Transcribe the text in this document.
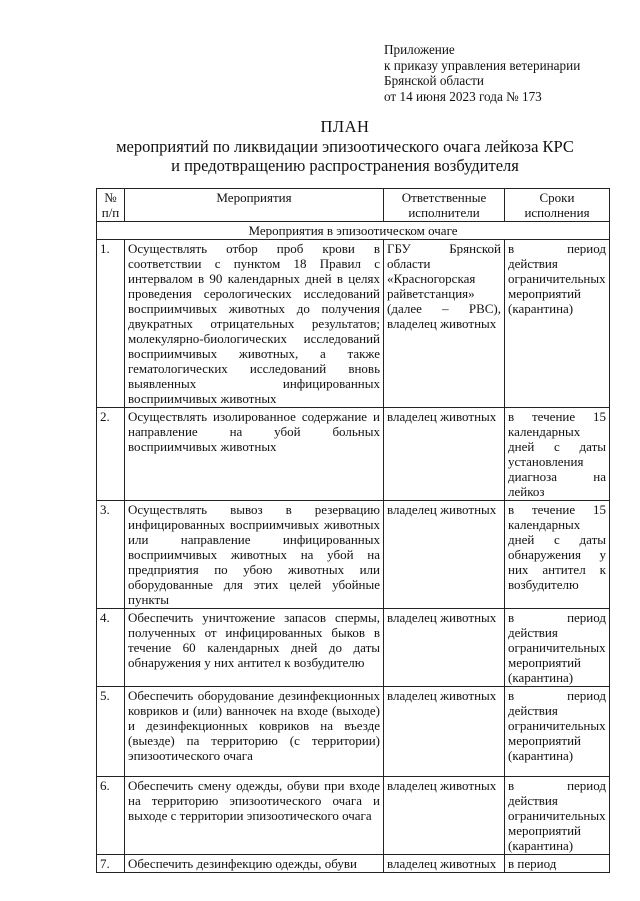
Приложение
к приказу управления ветеринарии
Брянской области
от 14 июня 2023 года № 173
ПЛАН
мероприятий по ликвидации эпизоотического очага лейкоза КРС
и предотвращению распространения возбудителя
№ п/п	Мероприятия	Ответственные исполнители	Сроки исполнения
Мероприятия в эпизоотическом очаге			
1.	Осуществлять отбор проб крови в соответствии с пунктом 18 Правил с интервалом в 90 календарных дней в целях проведения серологических исследований восприимчивых животных до получения двукратных отрицательных результатов; молекулярно-биологических исследований восприимчивых животных, а также гематологических исследований вновь выявленных инфицированных восприимчивых животных	ГБУ Брянской области «Красногорская райветстанция» (далее – РВС), владелец животных	в период действия ограничительных мероприятий (карантина)
2.	Осуществлять изолированное содержание и направление на убой больных восприимчивых животных	владелец животных	в течение 15 календарных дней с даты установления диагноза на лейкоз
3.	Осуществлять вывоз в резервацию инфицированных восприимчивых животных или направление инфицированных восприимчивых животных на убой на предприятия по убою животных или оборудованные для этих целей убойные пункты	владелец животных	в течение 15 календарных дней с даты обнаружения у них антител к возбудителю
4.	Обеспечить уничтожение запасов спермы, полученных от инфицированных быков в течение 60 календарных дней до даты обнаружения у них антител к возбудителю	владелец животных	в период действия ограничительных мероприятий (карантина)
5.	Обеспечить оборудование дезинфекционных ковриков и (или) ванночек на входе (выходе) и дезинфекционных ковриков на въезде (выезде) па территорию (с территории) эпизоотического очага	владелец животных	в период действия ограничительных мероприятий (карантина)
6.	Обеспечить смену одежды, обуви при входе на территорию эпизоотического очага и выходе с территории эпизоотического очага	владелец животных	в период действия ограничительных мероприятий (карантина)
7.	Обеспечить дезинфекцию одежды, обуви	владелец животных	в период
